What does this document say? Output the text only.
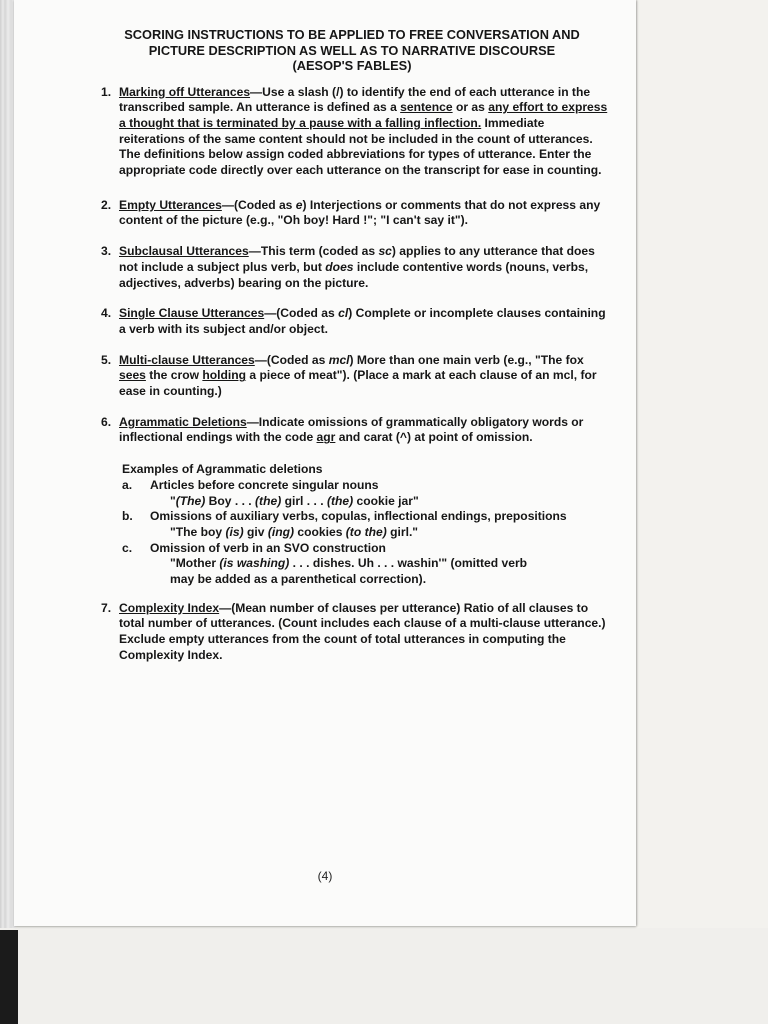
SCORING INSTRUCTIONS TO BE APPLIED TO FREE CONVERSATION AND
PICTURE DESCRIPTION AS WELL AS TO NARRATIVE DISCOURSE
(AESOP'S FABLES)
1. Marking off Utterances—Use a slash (/) to identify the end of each utterance in the transcribed sample. An utterance is defined as a sentence or as any effort to express a thought that is terminated by a pause with a falling inflection. Immediate reiterations of the same content should not be included in the count of utterances. The definitions below assign coded abbreviations for types of utterance. Enter the appropriate code directly over each utterance on the transcript for ease in counting.
2. Empty Utterances—(Coded as e) Interjections or comments that do not express any content of the picture (e.g., "Oh boy! Hard !"; "I can't say it").
3. Subclausal Utterances—This term (coded as sc) applies to any utterance that does not include a subject plus verb, but does include contentive words (nouns, verbs, adjectives, adverbs) bearing on the picture.
4. Single Clause Utterances—(Coded as cl) Complete or incomplete clauses containing a verb with its subject and/or object.
5. Multi-clause Utterances—(Coded as mcl) More than one main verb (e.g., "The fox sees the crow holding a piece of meat"). (Place a mark at each clause of an mcl, for ease in counting.)
6. Agrammatic Deletions—Indicate omissions of grammatically obligatory words or inflectional endings with the code agr and carat (^) at point of omission.
Examples of Agrammatic deletions
a. Articles before concrete singular nouns
"(The) Boy . . . (the) girl . . . (the) cookie jar"
b. Omissions of auxiliary verbs, copulas, inflectional endings, prepositions
"The boy (is) giv (ing) cookies (to the) girl."
c. Omission of verb in an SVO construction
"Mother (is washing) . . . dishes. Uh . . . washin'" (omitted verb
may be added as a parenthetical correction).
7. Complexity Index—(Mean number of clauses per utterance) Ratio of all clauses to total number of utterances. (Count includes each clause of a multi-clause utterance.) Exclude empty utterances from the count of total utterances in computing the Complexity Index.
(4)
